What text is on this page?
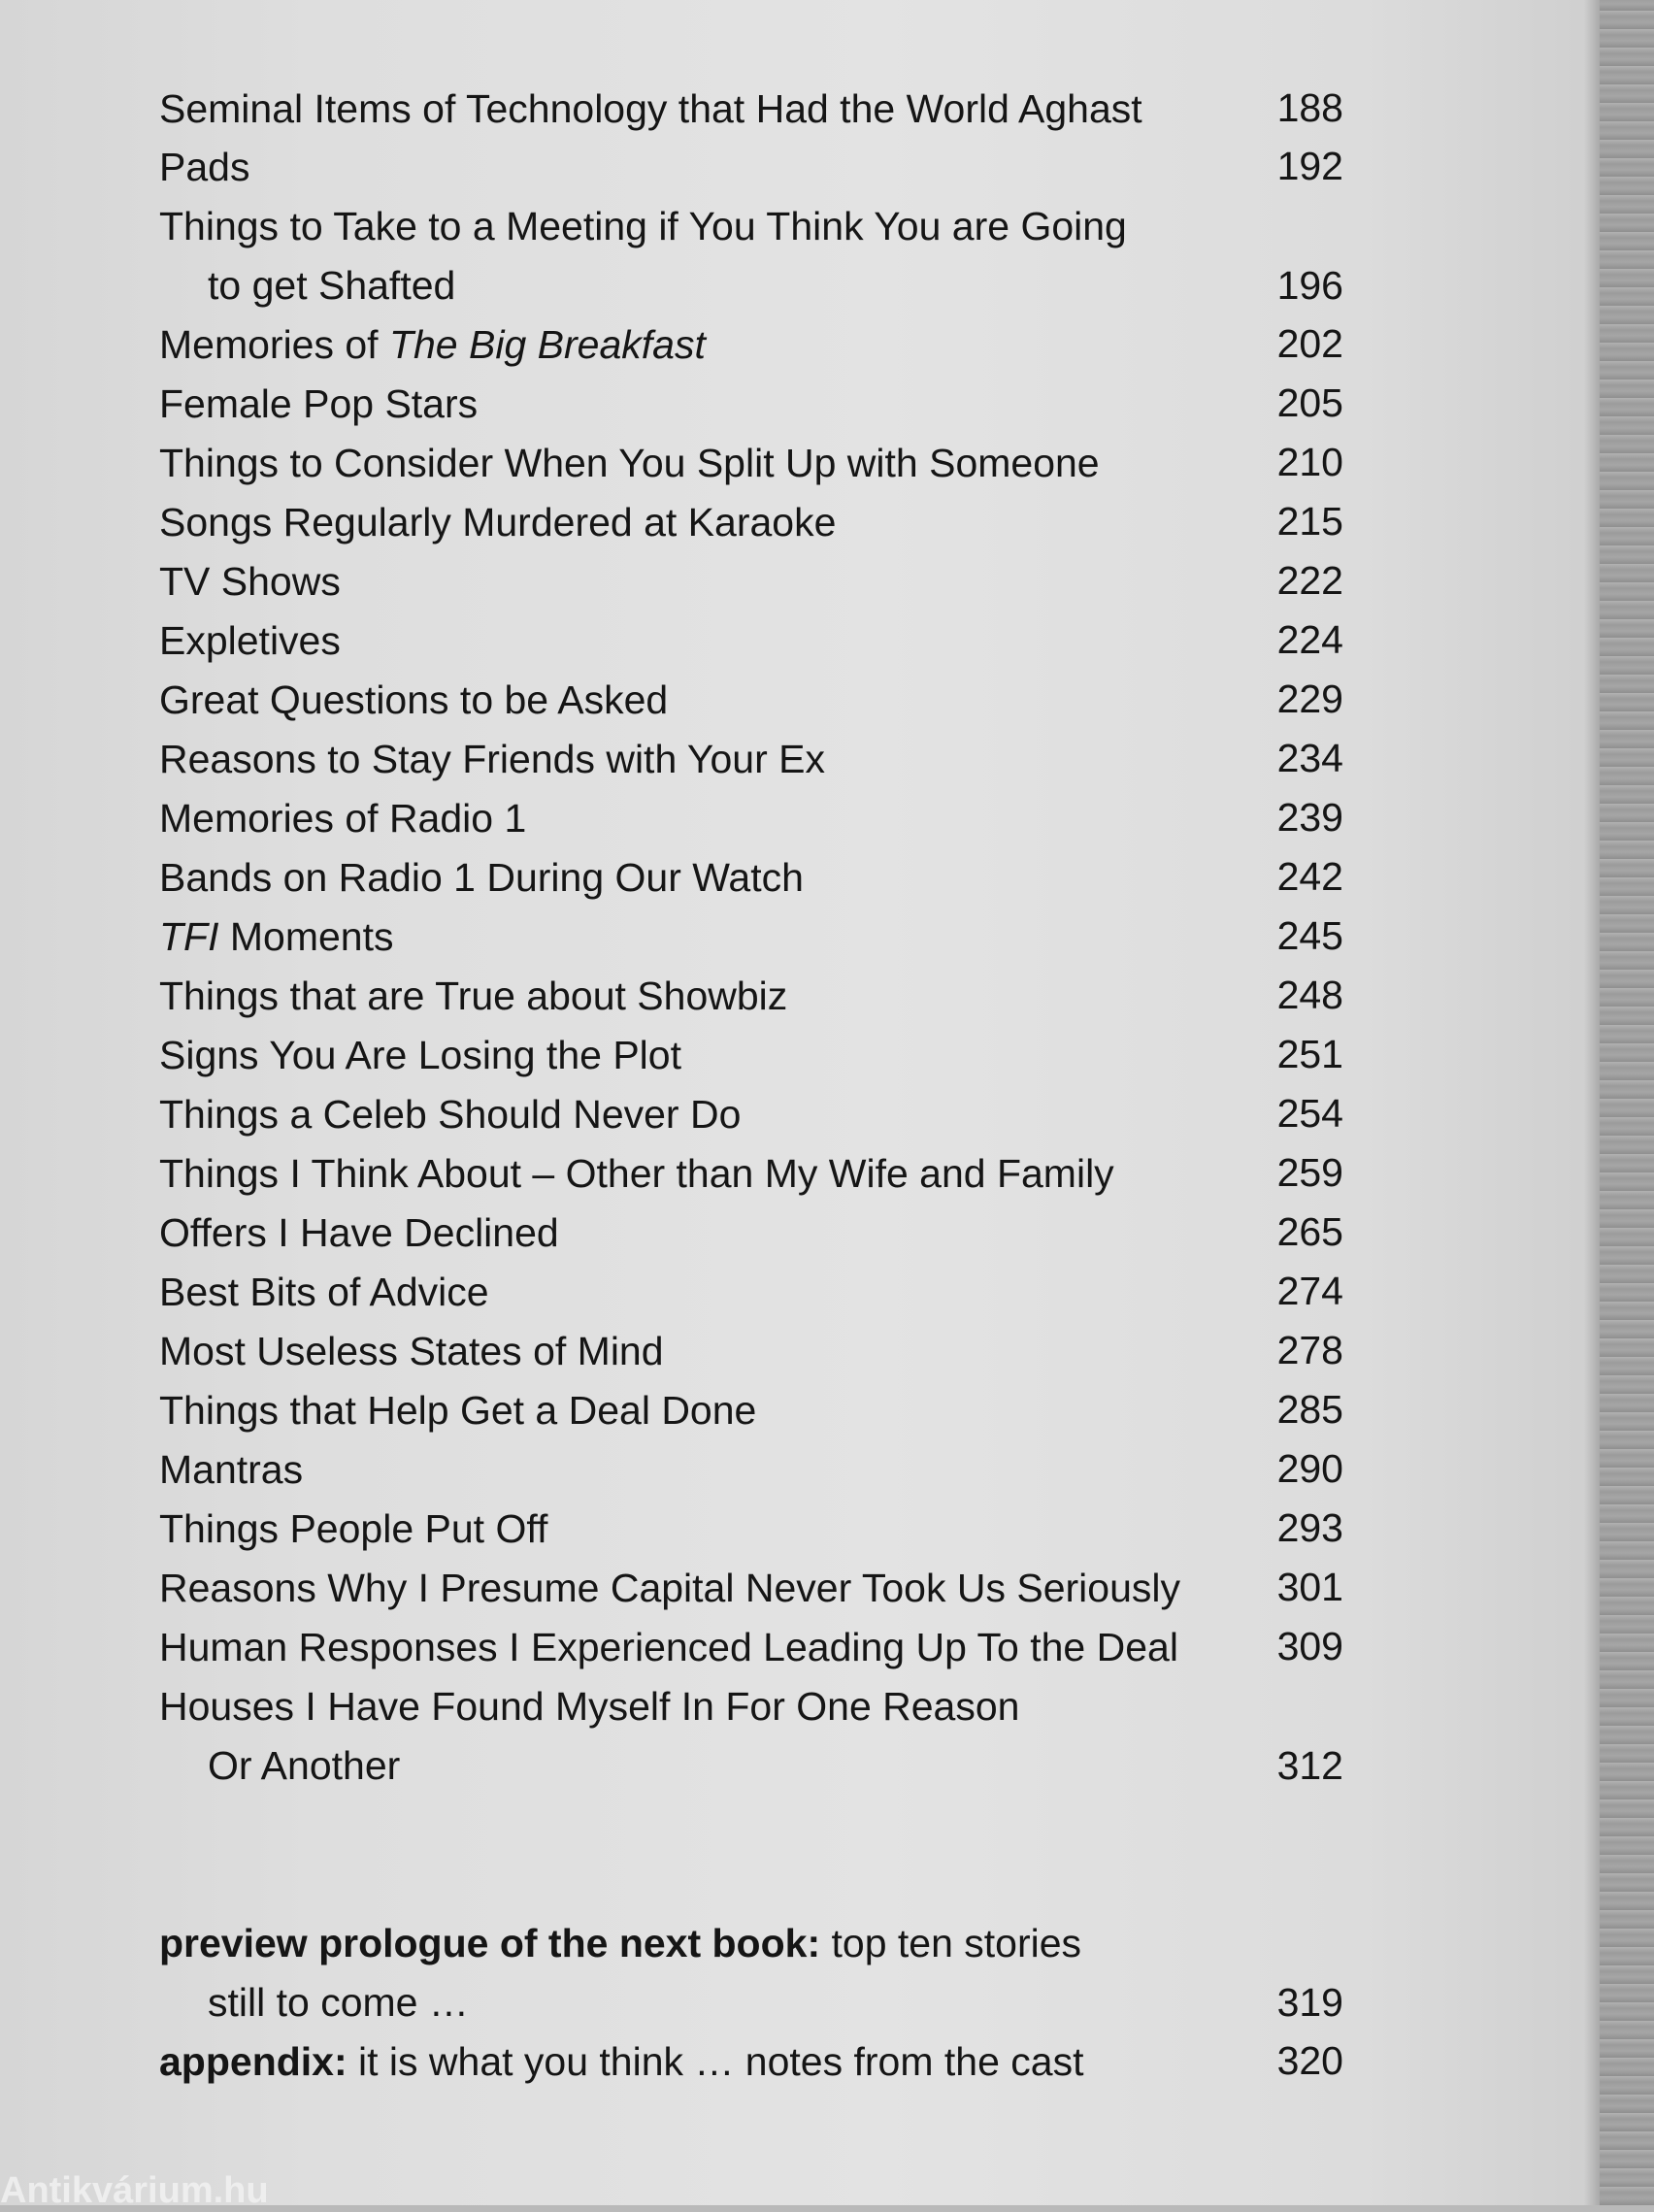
Seminal Items of Technology that Had the World Aghast	188
Pads	192
Things to Take to a Meeting if You Think You are Going
to get Shafted	196
Memories of The Big Breakfast	202
Female Pop Stars	205
Things to Consider When You Split Up with Someone	210
Songs Regularly Murdered at Karaoke	215
TV Shows	222
Expletives	224
Great Questions to be Asked	229
Reasons to Stay Friends with Your Ex	234
Memories of Radio 1	239
Bands on Radio 1 During Our Watch	242
TFI Moments	245
Things that are True about Showbiz	248
Signs You Are Losing the Plot	251
Things a Celeb Should Never Do	254
Things I Think About – Other than My Wife and Family	259
Offers I Have Declined	265
Best Bits of Advice	274
Most Useless States of Mind	278
Things that Help Get a Deal Done	285
Mantras	290
Things People Put Off	293
Reasons Why I Presume Capital Never Took Us Seriously	301
Human Responses I Experienced Leading Up To the Deal	309
Houses I Have Found Myself In For One Reason
Or Another	312
preview prologue of the next book: top ten stories
still to come …	319
appendix: it is what you think … notes from the cast	320
Antikvárium.hu
